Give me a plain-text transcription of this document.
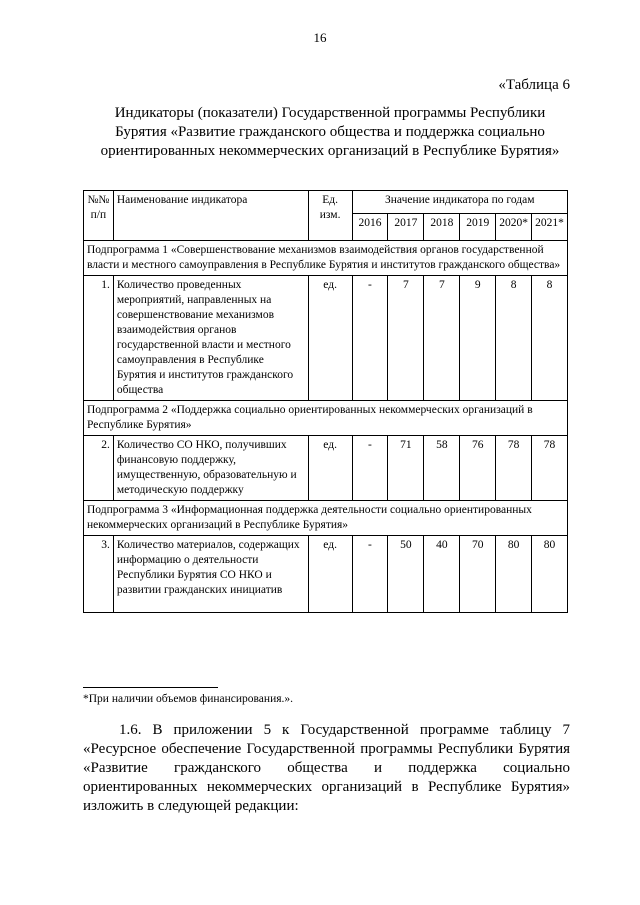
16
«Таблица 6
Индикаторы (показатели) Государственной программы Республики Бурятия «Развитие гражданского общества и поддержка социально ориентированных некоммерческих организаций в Республике Бурятия»
№№ п/п	Наименование индикатора	Ед. изм.	Значение индикатора по годам					
			2016	2017	2018	2019	2020*	2021*
Подпрограмма 1 «Совершенствование механизмов взаимодействия органов государственной власти и местного самоуправления в Республике Бурятия и институтов гражданского общества»								
1.	Количество проведенных мероприятий, направленных на совершенствование механизмов взаимодействия органов государственной власти и местного самоуправления в Республике Бурятия и институтов гражданского общества	ед.	-	7	7	9	8	8
Подпрограмма 2 «Поддержка социально ориентированных некоммерческих организаций в Республике Бурятия»								
2.	Количество СО НКО, получивших финансовую поддержку, имущественную, образовательную и методическую поддержку	ед.	-	71	58	76	78	78
Подпрограмма 3 «Информационная поддержка деятельности социально ориентированных некоммерческих организаций в Республике Бурятия»								
3.	Количество материалов, содержащих информацию о деятельности Республики Бурятия СО НКО и развитии гражданских инициатив	ед.	-	50	40	70	80	80
*При наличии объемов финансирования.».
1.6. В приложении 5 к Государственной программе таблицу 7 «Ресурсное обеспечение Государственной программы Республики Бурятия «Развитие гражданского общества и поддержка социально ориентированных некоммерческих организаций в Республике Бурятия» изложить в следующей редакции:
